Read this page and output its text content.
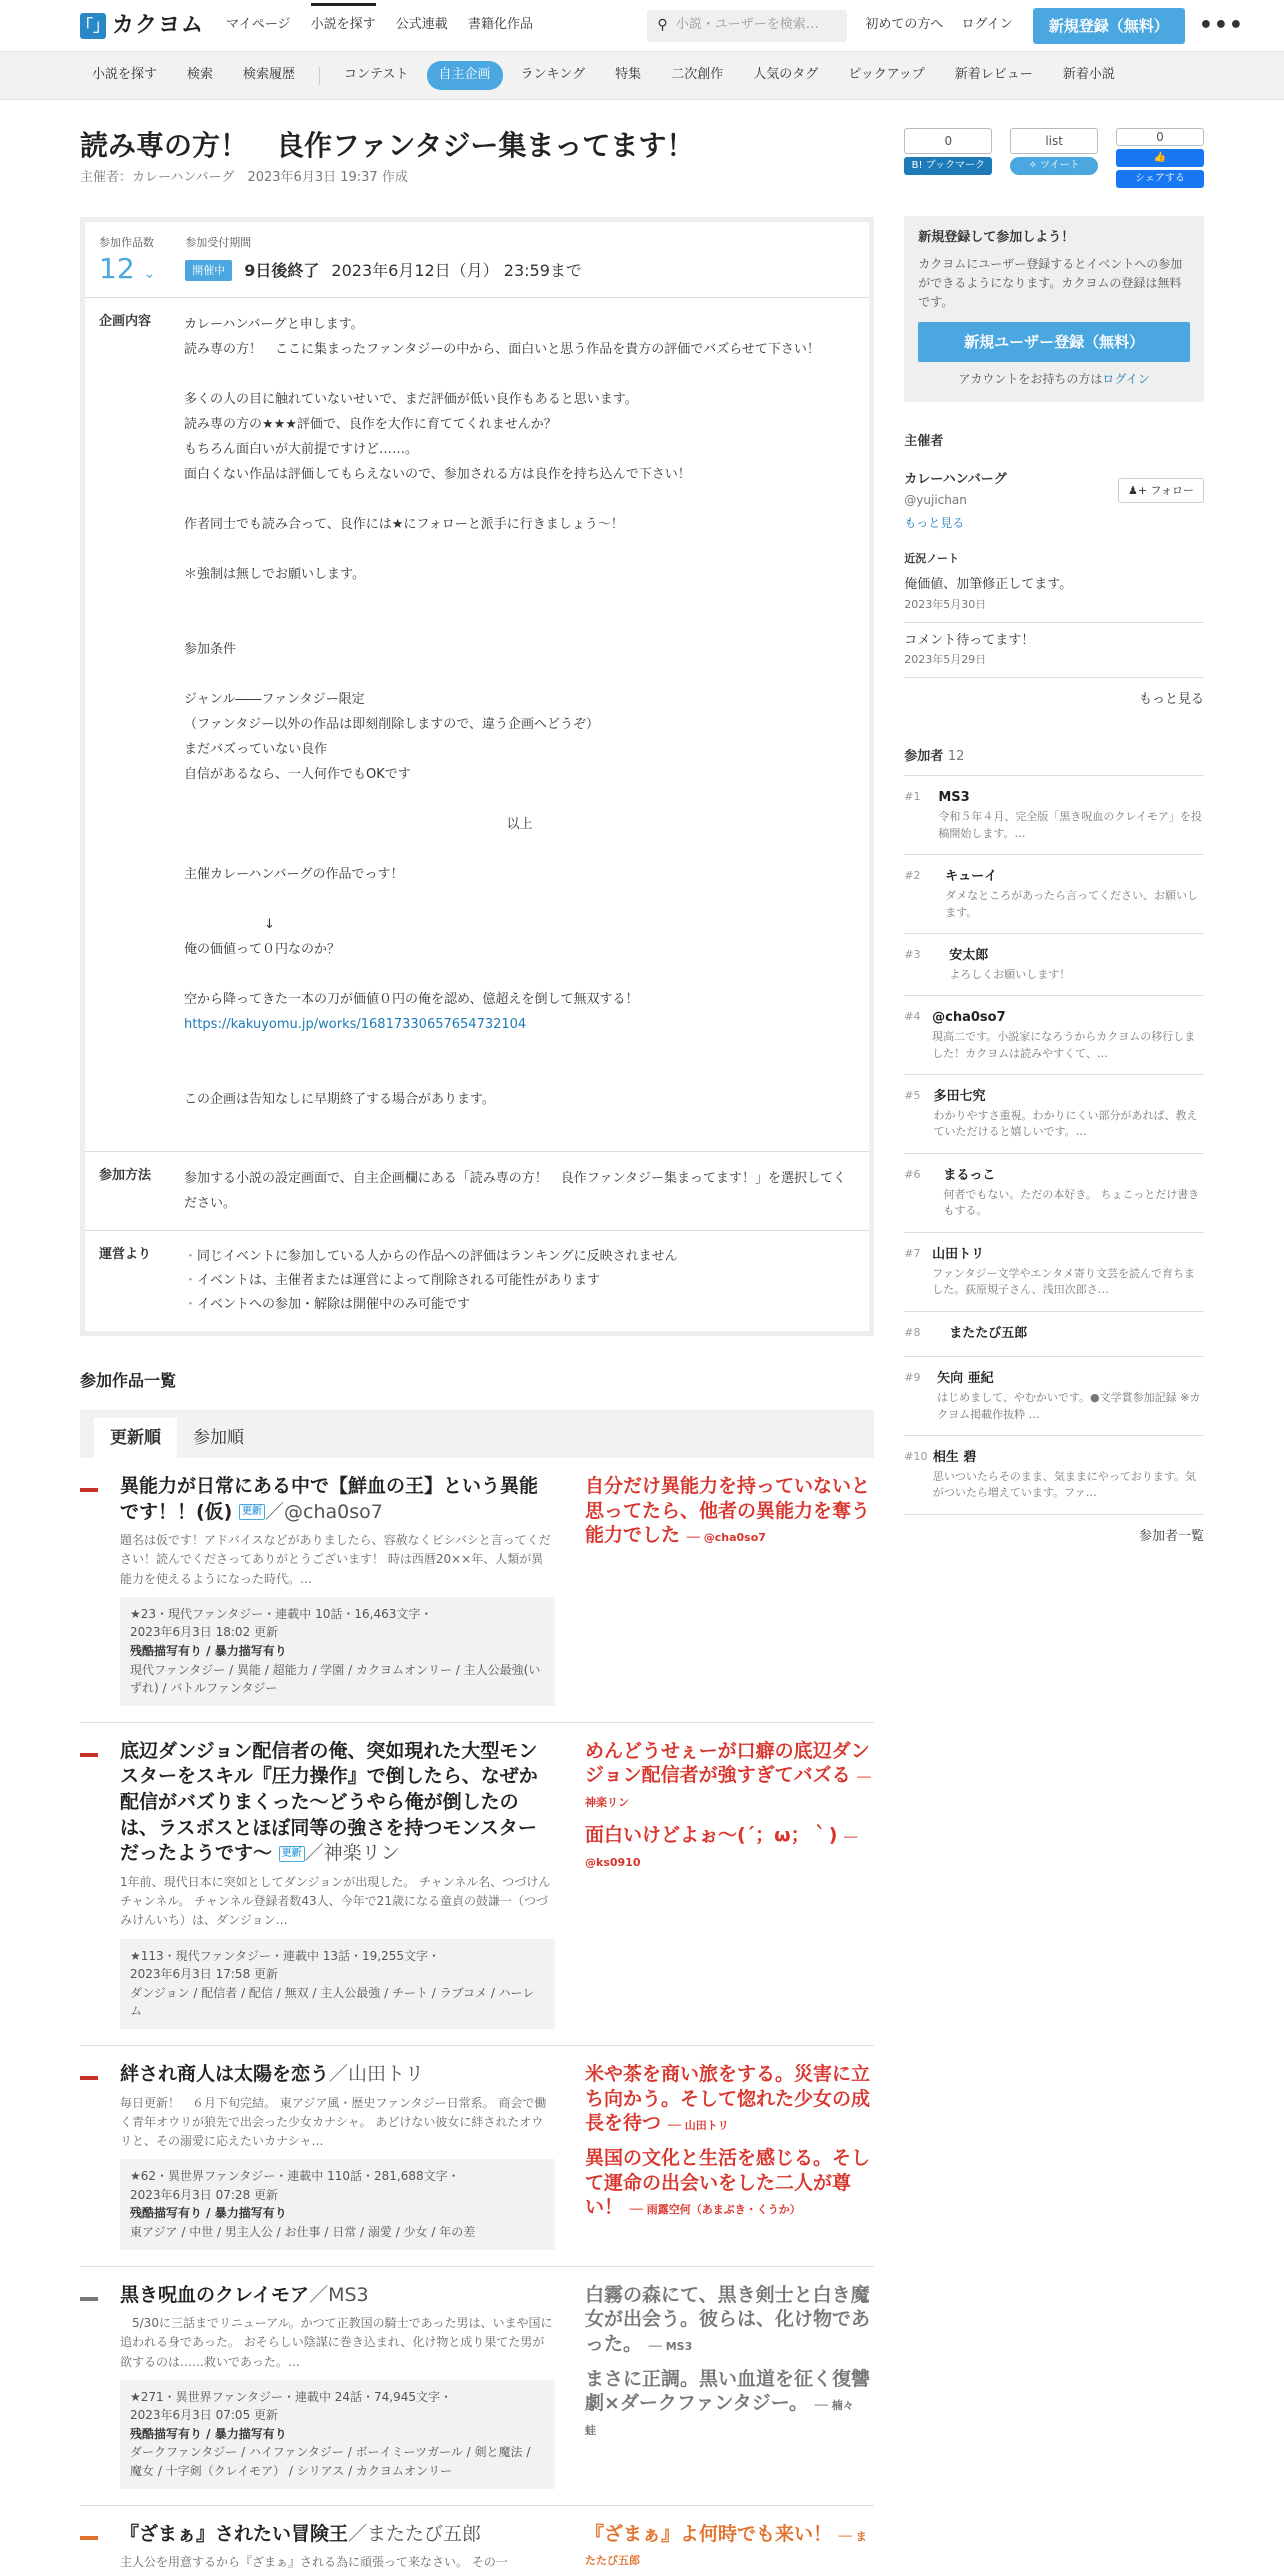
「」 カクヨム マイページ 小説を探す 公式連載 書籍化作品	⚲ 小説・ユーザーを検索…	初めての方へ ログイン	新規登録（無料）	•••
小説を探す	検索	検索履歴	コンテスト	自主企画	ランキング	特集	二次創作	人気のタグ	ピックアップ	新着レビュー	新着小説
読み専の方！　良作ファンタジー集まってます！
主催者：カレーハンバーグ　 2023年6月3日 19:37 作成
参加作品数
12 ⌄
参加受付期間
開催中	9日後終了 2023年6月12日（月） 23:59まで
企画内容	カレーハンバーグと申します。

読み専の方！　ここに集まったファンタジーの中から、面白いと思う作品を貴方の評価でバズらせて下さい！

多くの人の目に触れていないせいで、まだ評価が低い良作もあると思います。

読み専の方の★★★評価で、良作を大作に育ててくれませんか？

もちろん面白いが大前提ですけど……。

面白くない作品は評価してもらえないので、参加される方は良作を持ち込んで下さい！

作者同士でも読み合って、良作には★にフォローと派手に行きましょう〜！

＊強制は無しでお願いします。

参加条件

ジャンル――ファンタジー限定

（ファンタジー以外の作品は即刻削除しますので、違う企画へどうぞ）

まだバズっていない良作

自信があるなら、一人何作でもOKです

以上

主催カレーハンバーグの作品でっす！

↓

俺の価値って０円なのか？

空から降ってきた一本の刀が価値０円の俺を認め、億超えを倒して無双する！

https://kakuyomu.jp/works/16817330657654732104

この企画は告知なしに早期終了する場合があります。

参加方法	参加する小説の設定画面で、自主企画欄にある「読み専の方！　良作ファンタジー集まってます！」を選択してください。
運営より
・	同じイベントに参加している人からの作品への評価はランキングに反映されません
・ イベントは、主催者または運営によって削除される可能性があります
・ イベントへの参加・解除は開催中のみ可能です
参加作品一覧
更新順	参加順
異能力が日常にある中で【鮮血の王】という異能です！！(仮) 更新 ／@cha0so7
題名は仮です！アドバイスなどがありましたら、容赦なくビシバシと言ってください！読んでくださってありがとうございます！ 時は西暦20××年、人類が異能力を使えるようになった時代。…
★23・現代ファンタジー・連載中 10話・16,463文字・
2023年6月3日 18:02 更新
残酷描写有り / 暴力描写有り
現代ファンタジー / 異能 / 超能力 / 学園 / カクヨムオンリー / 主人公最強(いずれ) / バトルファンタジー
自分だけ異能力を持っていないと思ってたら、他者の異能力を奪う能力でした ── @cha0so7
底辺ダンジョン配信者の俺、突如現れた大型モンスターをスキル『圧力操作』で倒したら、なぜか配信がバズりまくった〜どうやら俺が倒したのは、ラスボスとほぼ同等の強さを持つモンスターだったようです〜 更新 ／神楽リン
1年前、現代日本に突如としてダンジョンが出現した。 チャンネル名、つづけんチャンネル。 チャンネル登録者数43人、今年で21歳になる童貞の鼓謙一（つづみけんいち）は、ダンジョン…
★113・現代ファンタジー・連載中 13話・19,255文字・
2023年6月3日 17:58 更新
ダンジョン / 配信者 / 配信 / 無双 / 主人公最強 / チート / ラブコメ / ハーレム
めんどうせぇーが口癖の底辺ダンジョン配信者が強すぎてバズる ── 神楽リン
面白いけどよぉ〜(´；ω；｀) ── @ks0910
絆され商人は太陽を恋う／山田トリ
毎日更新！　６月下旬完結。 東アジア風・歴史ファンタジー日常系。 商会で働く青年オウリが狼先で出会った少女カナシャ。 あどけない彼女に絆されたオウリと、その溺愛に応えたいカナシャ…
★62・異世界ファンタジー・連載中 110話・281,688文字・
2023年6月3日 07:28 更新
残酷描写有り / 暴力描写有り
東アジア / 中世 / 男主人公 / お仕事 / 日常 / 溺愛 / 少女 / 年の差
米や茶を商い旅をする。災害に立ち向かう。そして惚れた少女の成長を待つ ── 山田トリ
異国の文化と生活を感じる。そして運命の出会いをした二人が尊い！ ── 雨露空何（あまぶき・くうか）
黒き呪血のクレイモア／MS3
　5/30に三話までリニューアル。かつて正教国の騎士であった男は、いまや国に追われる身であった。 おそらしい陰謀に巻き込まれ、化け物と成り果てた男が欲するのは……救いであった。…
★271・異世界ファンタジー・連載中 24話・74,945文字・
2023年6月3日 07:05 更新
残酷描写有り / 暴力描写有り
ダークファンタジー / ハイファンタジー / ボーイミーツガール / 剣と魔法 / 魔女 / 十字剣（クレイモア） / シリアス / カクヨムオンリー
白霧の森にて、黒き剣士と白き魔女が出会う。彼らは、化け物であった。 ── MS3
まさに正調。黒い血道を征く復讐劇×ダークファンタジー。 ── 楠々　蛙
『ざまぁ』されたい冒険王／またたび五郎
主人公を用意するから『ざまぁ』される為に頑張って来なさい。 その一
『ざまぁ』よ何時でも来い！ ── またたび五郎
0
B! ブックマーク
list
✧ ツイート
0
👍
シェアする
新規登録して参加しよう！

カクヨムにユーザー登録するとイベントへの参加ができるようになります。カクヨムの登録は無料です。

新規ユーザー登録（無料）

アカウントをお持ちの方はログイン

主催者
カレーハンバーグ
@yujichan
♟+ フォロー
もっと見る
近況ノート
俺価値、加筆修正してます。
2023年5月30日
コメント待ってます！
2023年5月29日
もっと見る
参加者 12
#1	MS3
令和５年４月、完全版「黒き呪血のクレイモア」を投稿開始します。…
#2	キューイ
ダメなところがあったら言ってください、お願いします。
#3	安太郎
よろしくお願いします！
#4 @cha0so7
現高二です。小説家になろうからカクヨムの移行しました！カクヨムは読みやすくて、…
#5 多田七究
わかりやすさ重視。わかりにくい部分があれば、教えていただけると嬉しいです。…
#6	まるっこ
何者でもない。ただの本好き。 ちょこっとだけ書きもする。
#7 山田トリ
ファンタジー文学やエンタメ寄り文芸を読んで育ちました。荻原規子さん、浅田次郎さ…
#8	またたび五郎
#9	矢向 亜紀
はじめまして、やむかいです。●文学賞参加記録 ※カクヨム掲載作抜粋 …
#10 相生 碧
思いついたらそのまま、気ままにやっております。気がついたら増えています。ファ…
参加者一覧
